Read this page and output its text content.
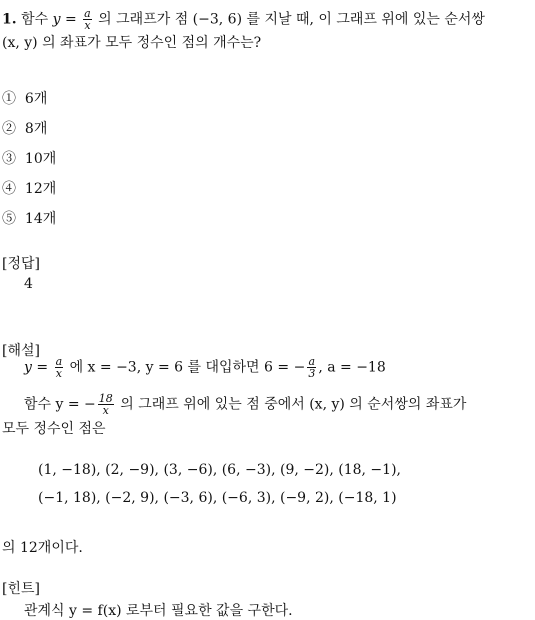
1. 함수 $y = \frac{a}{x}$ 의 그래프가 점 (−3, 6) 를 지날 때, 이 그래프 위에 있는 순서쌍
(x, y) 의 좌표가 모두 정수인 점의 개수는?
① 6개
② 8개
③ 10개
④ 12개
⑤ 14개
[정답]
4
[해설]
$y = \frac{a}{x}$ 에 x = −3, y = 6 를 대입하면 6 = − $\frac{a}{3}$ , a = −18
함수 y = − $\frac{18}{x}$ 의 그래프 위에 있는 점 중에서 (x, y) 의 순서쌍의 좌표가
모두 정수인 점은
(1, −18), (2, −9), (3, −6), (6, −3), (9, −2), (18, −1),
(−1, 18), (−2, 9), (−3, 6), (−6, 3), (−9, 2), (−18, 1)
의 12개이다.
[힌트]
관계식 y = f(x) 로부터 필요한 값을 구한다.
